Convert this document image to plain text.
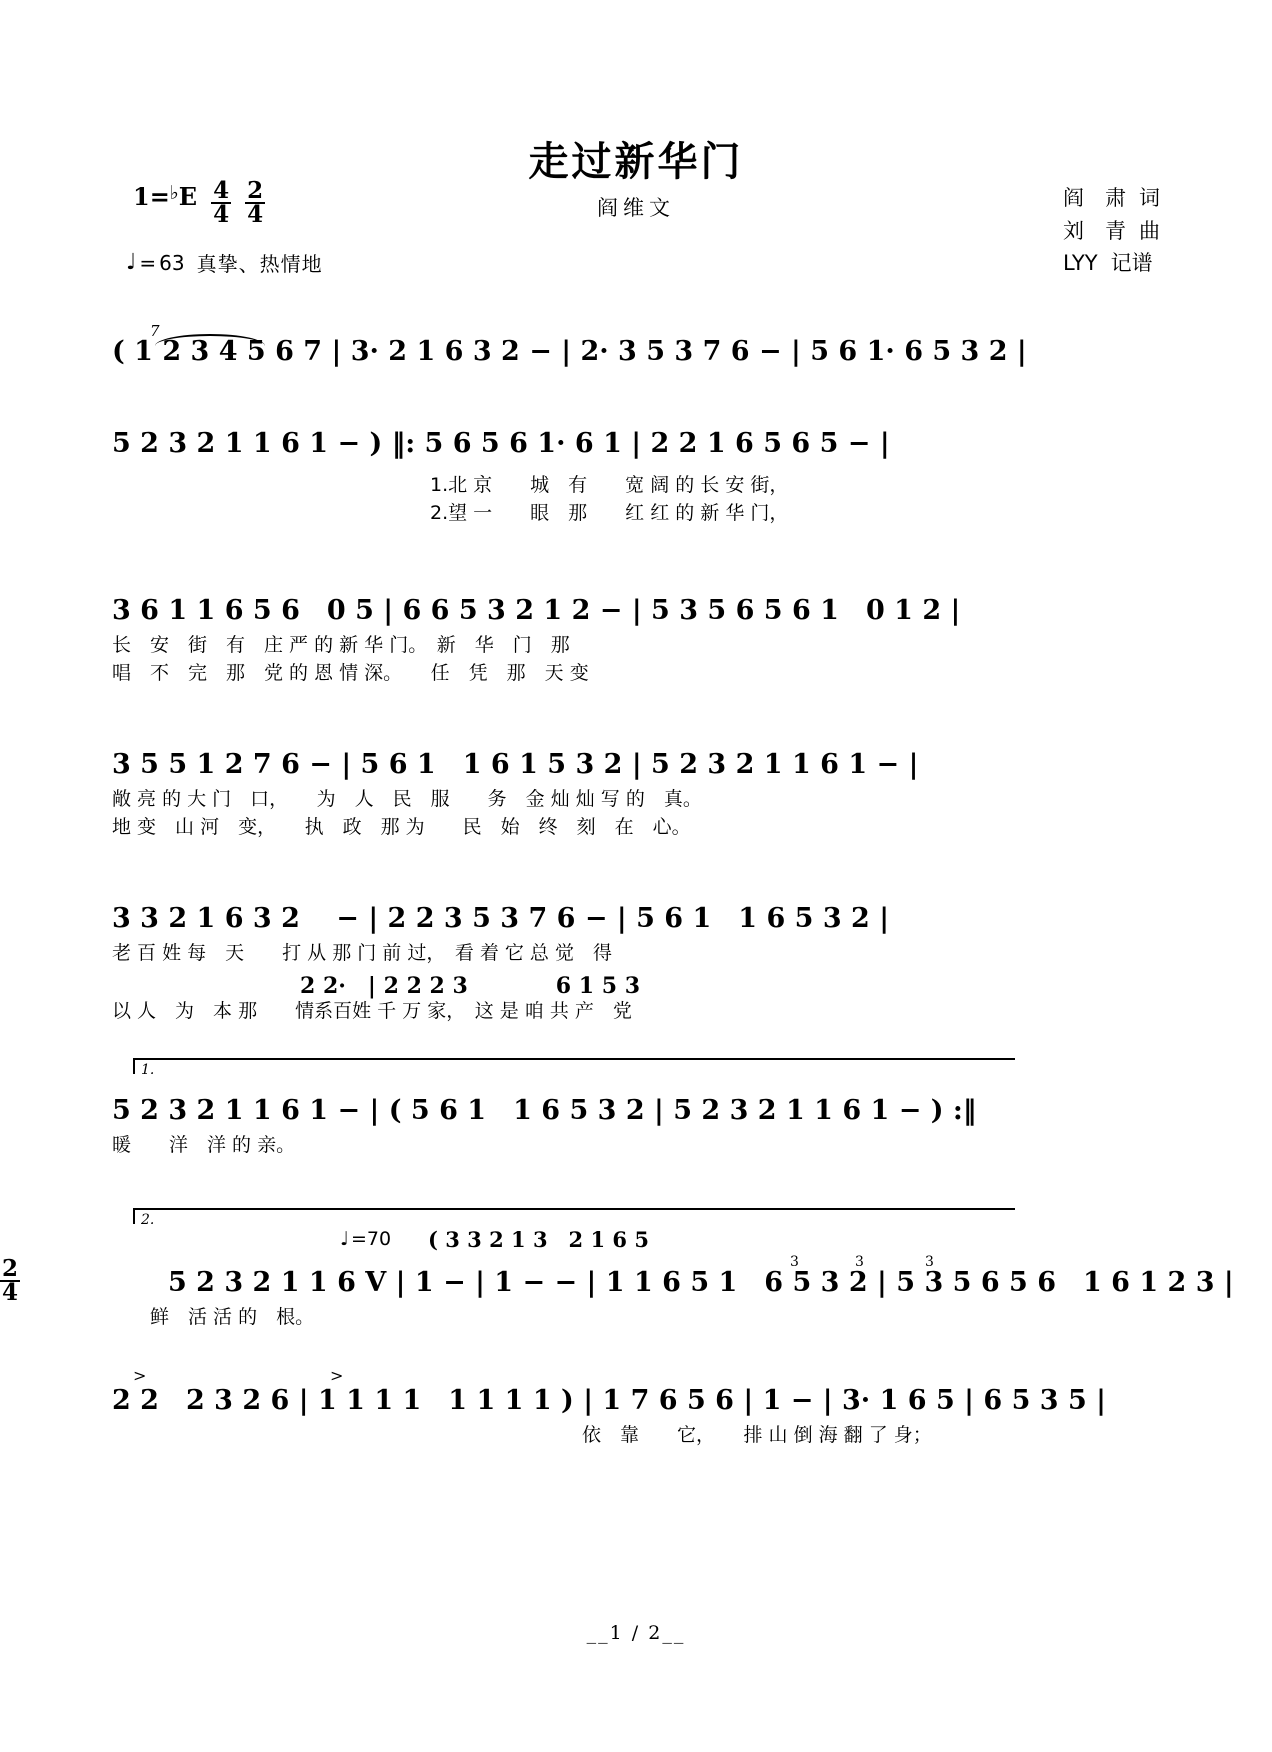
走过新华门
阎维文
1= ♭ E $\frac{4}{4} \frac{2}{4}$
♩ = 63 真挚、热情地
阎　肃 词
刘　青 曲
LYY 记谱
( 1 2 3 4 5 6 7 | 3· 2 1 6 3 2 − | 2· 3 5 3 7 6 − | 5 6 1· 6 5 3 2 |
7
5 2 3 2 1 1 6 1 − ) ‖: 5 6 5 6 1· 6 1 | 2 2 1 6 5 6 5 − |
1.北 京　　城　有　　宽 阔 的 长 安 街，
2.望 一　　眼　那　　红 红 的 新 华 门，
3 6 1 1 6 5 6　0 5 | 6 6 5 3 2 1 2 − | 5 3 5 6 5 6 1　0 1 2 |
长　安　街　有　庄 严 的 新 华 门。　新　华　门　那
唱　不　完　那　党 的 恩 情 深。　　任　凭　那　天 变
3 5 5 1 2 7 6 − | 5 6 1　1 6 1 5 3 2 | 5 2 3 2 1 1 6 1 − |
敞 亮 的 大 门　口，　　为　人　民　服　　务　金 灿 灿 写 的　真。
地 变　山 河　变，　　执　政　那 为　　民　始　终　刻　在　心。
3 3 2 1 6 3 2 　− | 2 2 3 5 3 7 6 − | 5 6 1　1 6 5 3 2 |
老 百 姓 每　天　　打 从 那 门 前 过，　看 着 它 总 觉　得
2 2·　| 2 2 2 3　　　　6 1 5 3
以 人　为　本 那　　情系百姓 千 万 家，　这 是 咱 共 产　党
1.
5 2 3 2 1 1 6 1 − | ( 5 6 1　1 6 5 3 2 | 5 2 3 2 1 1 6 1 − ) :‖
暖　　洋　洋 的 亲。
2.
♩ =70 ( 3 3 2 1 3　2 1 6 5
$\frac{2}{4}$	5 2 3 2 1 1 6 V | 1 − | 1 − − | 1 1 6 5 1　6 5 3 2 | 5 3 5 6 5 6　1 6 1 2 3 |
鲜　活 活 的　根。
3	3	3
>	>
2 2　2 3 2 6 | 1 1 1 1　1 1 1 1 ) | 1 7 6 5 6 | 1 − | 3· 1 6 5 | 6 5 3 5 |
　　　　　　　　依　靠　　它，　　排 山 倒 海 翻 了 身；
__1 / 2__
